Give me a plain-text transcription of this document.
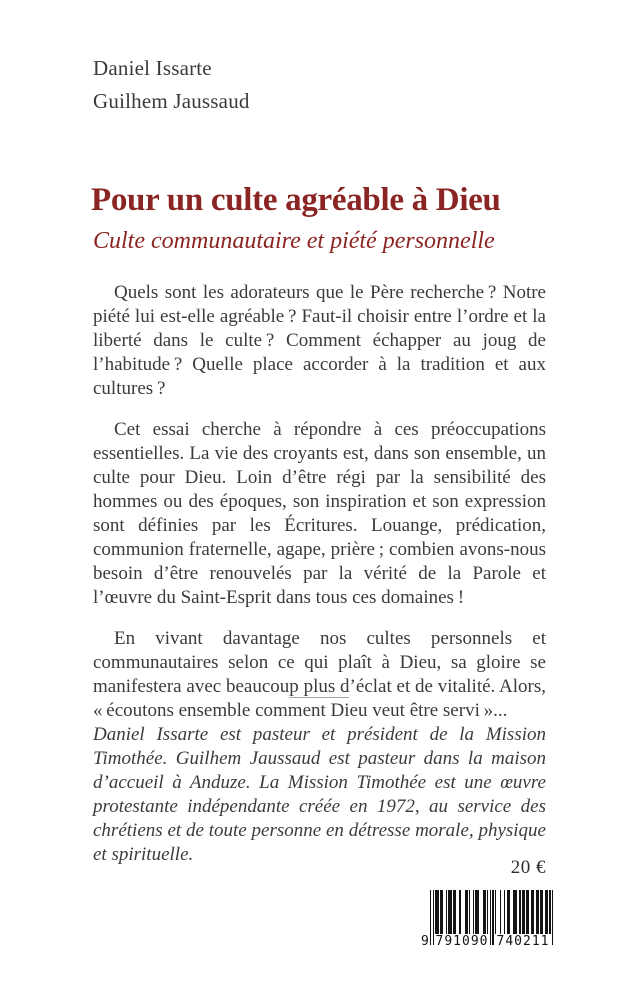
Daniel Issarte
Guilhem Jaussaud
Pour un culte agréable à Dieu
Culte communautaire et piété personnelle

Quels sont les adorateurs que le Père recherche ? Notre piété lui est-elle agréable ? Faut-il choisir entre l’ordre et la liberté dans le culte ? Comment échapper au joug de l’habitude ? Quelle place accorder à la tradition et aux cultures ?

Cet essai cherche à répondre à ces préoccupations essentielles. La vie des croyants est, dans son ensemble, un culte pour Dieu. Loin d’être régi par la sensibilité des hommes ou des époques, son inspiration et son expression sont définies par les Écritures. Louange, prédication, communion fraternelle, agape, prière ; combien avons-nous besoin d’être renouvelés par la vérité de la Parole et l’œuvre du Saint-Esprit dans tous ces domaines !

En vivant davantage nos cultes personnels et communautaires selon ce qui plaît à Dieu, sa gloire se manifestera avec beaucoup plus d’éclat et de vitalité. Alors, « écoutons ensemble comment Dieu veut être servi »...

Daniel Issarte est pasteur et président de la Mission Timothée. Guilhem Jaussaud est pasteur dans la maison d’accueil à Anduze. La Mission Timothée est une œuvre protestante indépendante créée en 1972, au service des chrétiens et de toute personne en détresse morale, physique et spirituelle.
20 €
9 791090 740211
